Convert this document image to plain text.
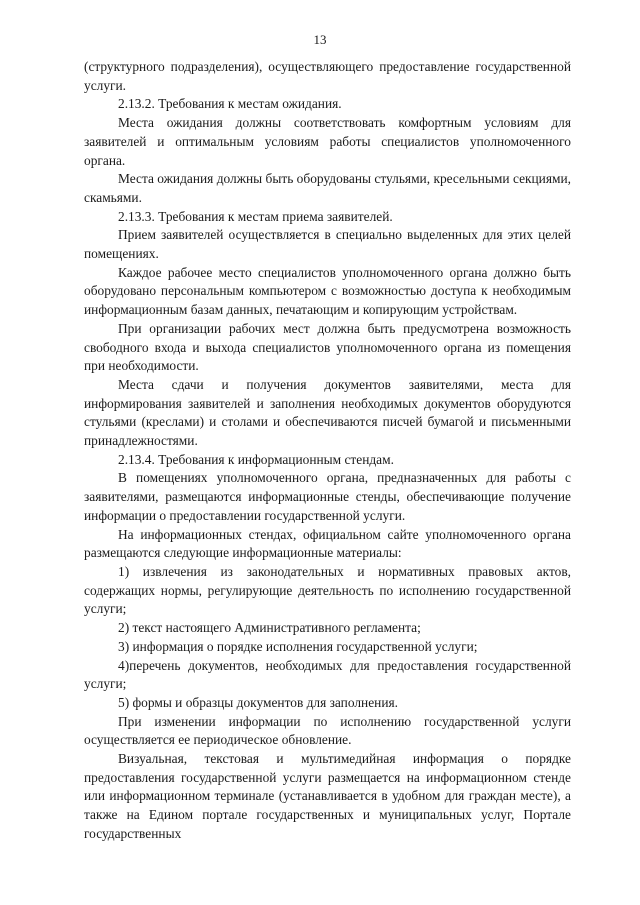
13

(структурного подразделения), осуществляющего предоставление государственной услуги.

2.13.2. Требования к местам ожидания.

Места ожидания должны соответствовать комфортным условиям для заявителей и оптимальным условиям работы специалистов уполномоченного органа.

Места ожидания должны быть оборудованы стульями, кресельными секциями, скамьями.

2.13.3. Требования к местам приема заявителей.

Прием заявителей осуществляется в специально выделенных для этих целей помещениях.

Каждое рабочее место специалистов уполномоченного органа должно быть оборудовано персональным компьютером с возможностью доступа к необходимым информационным базам данных, печатающим и копирующим устройствам.

При организации рабочих мест должна быть предусмотрена возможность свободного входа и выхода специалистов уполномоченного органа из помещения при необходимости.

Места сдачи и получения документов заявителями, места для информирования заявителей и заполнения необходимых документов оборудуются стульями (креслами) и столами и обеспечиваются писчей бумагой и письменными принадлежностями.

2.13.4. Требования к информационным стендам.

В помещениях уполномоченного органа, предназначенных для работы с заявителями, размещаются информационные стенды, обеспечивающие получение информации о предоставлении государственной услуги.

На информационных стендах, официальном сайте уполномоченного органа размещаются следующие информационные материалы:

1) извлечения из законодательных и нормативных правовых актов, содержащих нормы, регулирующие деятельность по исполнению государственной услуги;

2) текст настоящего Административного регламента;

3) информация о порядке исполнения государственной услуги;

4)перечень документов, необходимых для предоставления государственной услуги;

5) формы и образцы документов для заполнения.

При изменении информации по исполнению государственной услуги осуществляется ее периодическое обновление.

Визуальная, текстовая и мультимедийная информация о порядке предоставления государственной услуги размещается на информационном стенде или информационном терминале (устанавливается в удобном для граждан месте), а также на Едином портале государственных и муниципальных услуг, Портале государственных
